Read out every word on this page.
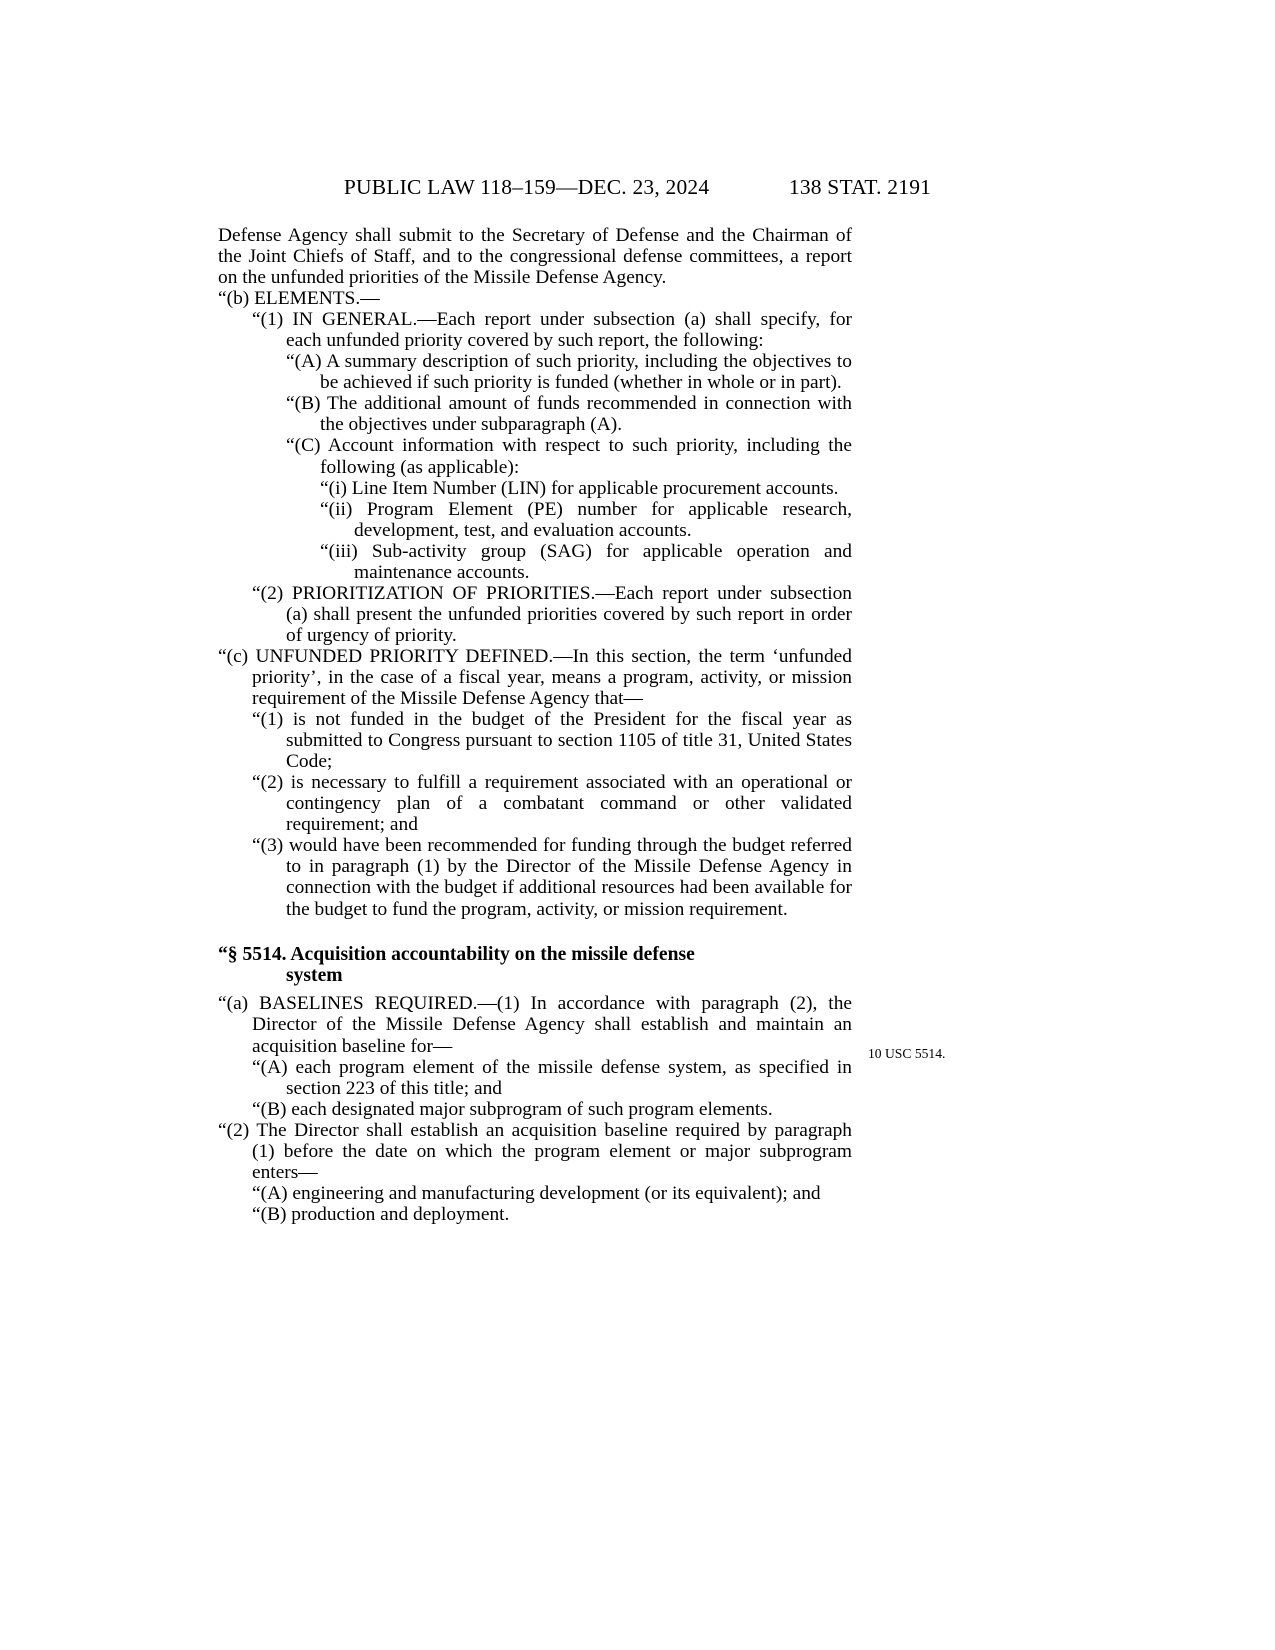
PUBLIC LAW 118–159—DEC. 23, 2024	138 STAT. 2191
10 USC 5514.

Defense Agency shall submit to the Secretary of Defense and the Chairman of the Joint Chiefs of Staff, and to the congressional defense committees, a report on the unfunded priorities of the Missile Defense Agency.

“(b) ELEMENTS.—

“(1) IN GENERAL.—Each report under subsection (a) shall specify, for each unfunded priority covered by such report, the following:

“(A) A summary description of such priority, including the objectives to be achieved if such priority is funded (whether in whole or in part).

“(B) The additional amount of funds recommended in connection with the objectives under subparagraph (A).

“(C) Account information with respect to such priority, including the following (as applicable):

“(i) Line Item Number (LIN) for applicable procurement accounts.

“(ii) Program Element (PE) number for applicable research, development, test, and evaluation accounts.

“(iii) Sub-activity group (SAG) for applicable operation and maintenance accounts.

“(2) PRIORITIZATION OF PRIORITIES.—Each report under subsection (a) shall present the unfunded priorities covered by such report in order of urgency of priority.

“(c) UNFUNDED PRIORITY DEFINED.—In this section, the term ‘unfunded priority’, in the case of a fiscal year, means a program, activity, or mission requirement of the Missile Defense Agency that—

“(1) is not funded in the budget of the President for the fiscal year as submitted to Congress pursuant to section 1105 of title 31, United States Code;

“(2) is necessary to fulfill a requirement associated with an operational or contingency plan of a combatant command or other validated requirement; and

“(3) would have been recommended for funding through the budget referred to in paragraph (1) by the Director of the Missile Defense Agency in connection with the budget if additional resources had been available for the budget to fund the program, activity, or mission requirement.

“§ 5514. Acquisition accountability on the missile defense
system

“(a) BASELINES REQUIRED.—(1) In accordance with paragraph (2), the Director of the Missile Defense Agency shall establish and maintain an acquisition baseline for—

“(A) each program element of the missile defense system, as specified in section 223 of this title; and

“(B) each designated major subprogram of such program elements.

“(2) The Director shall establish an acquisition baseline required by paragraph (1) before the date on which the program element or major subprogram enters—

“(A) engineering and manufacturing development (or its equivalent); and

“(B) production and deployment.
